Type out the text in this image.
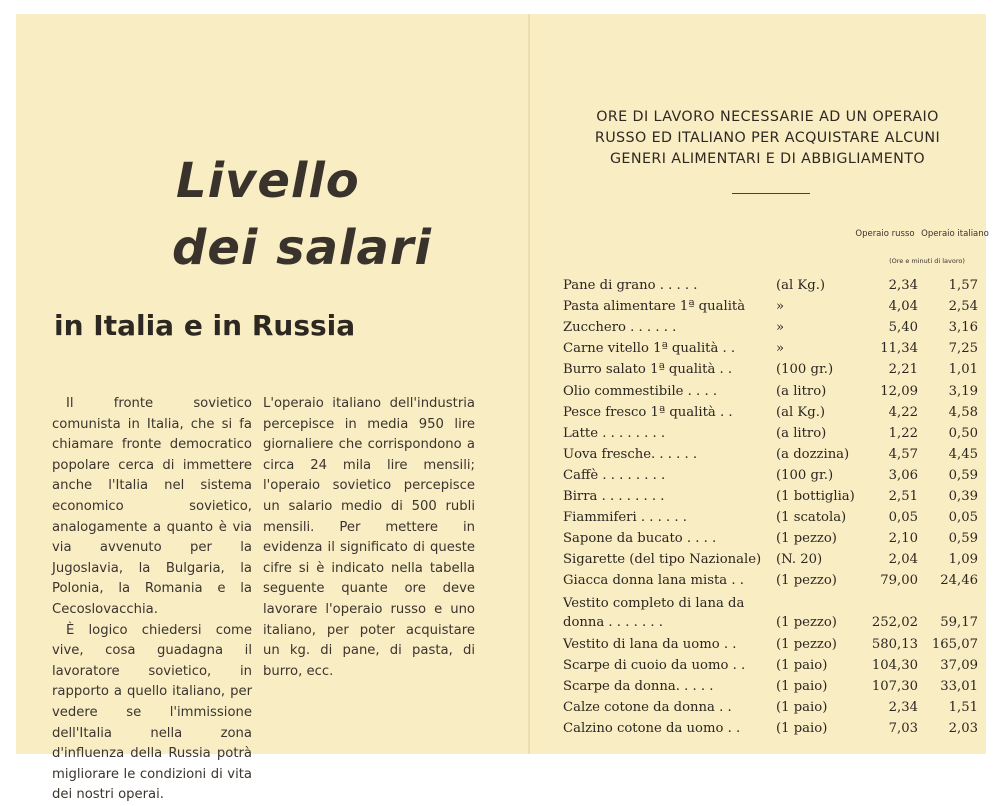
Livello
dei salari
in Italia e in Russia

Il fronte sovietico comunista in Italia, che si fa chiamare fronte democratico popolare cerca di immettere anche l'Italia nel sistema economico sovietico, analogamente a quanto è via via avvenuto per la Jugoslavia, la Bulgaria, la Polonia, la Romania e la Cecoslovacchia.

È logico chiedersi come vive, cosa guadagna il lavoratore sovietico, in rapporto a quello italiano, per vedere se l'immissione dell'Italia nella zona d'influenza della Russia potrà migliorare le condizioni di vita dei nostri operai.

L'operaio italiano dell'industria percepisce in media 950 lire giornaliere che corrispondono a circa 24 mila lire mensili; l'operaio sovietico percepisce un salario medio di 500 rubli mensili. Per mettere in evidenza il significato di queste cifre si è indicato nella tabella seguente quante ore deve lavorare l'operaio russo e uno italiano, per poter acquistare un kg. di pane, di pasta, di burro, ecc.

ORE DI LAVORO NECESSARIE AD UN OPERAIO
RUSSO ED ITALIANO PER ACQUISTARE ALCUNI
GENERI ALIMENTARI E DI ABBIGLIAMENTO
Operaio russo Operaio italiano
(Ore e minuti di lavoro)
Pane di grano . . . . .	(al Kg.)	2,34	1,57
Pasta alimentare 1ª qualità	»	4,04	2,54
Zucchero . . . . . .	»	5,40	3,16
Carne vitello 1ª qualità . .	»	11,34	7,25
Burro salato 1ª qualità . .	(100 gr.)	2,21	1,01
Olio commestibile . . . .	(a litro)	12,09	3,19
Pesce fresco 1ª qualità . .	(al Kg.)	4,22	4,58
Latte . . . . . . . .	(a litro)	1,22	0,50
Uova fresche. . . . . .	(a dozzina)	4,57	4,45
Caffè . . . . . . . .	(100 gr.)	3,06	0,59
Birra . . . . . . . .	(1 bottiglia)	2,51	0,39
Fiammiferi . . . . . .	(1 scatola)	0,05	0,05
Sapone da bucato . . . .	(1 pezzo)	2,10	0,59
Sigarette (del tipo Nazionale)	(N. 20)	2,04	1,09
Giacca donna lana mista . .	(1 pezzo)	79,00	24,46
Vestito completo di lana da
donna . . . . . . .	(1 pezzo)	252,02	59,17
Vestito di lana da uomo . .	(1 pezzo)	580,13	165,07
Scarpe di cuoio da uomo . .	(1 paio)	104,30	37,09
Scarpe da donna. . . . .	(1 paio)	107,30	33,01
Calze cotone da donna . .	(1 paio)	2,34	1,51
Calzino cotone da uomo . .	(1 paio)	7,03	2,03
